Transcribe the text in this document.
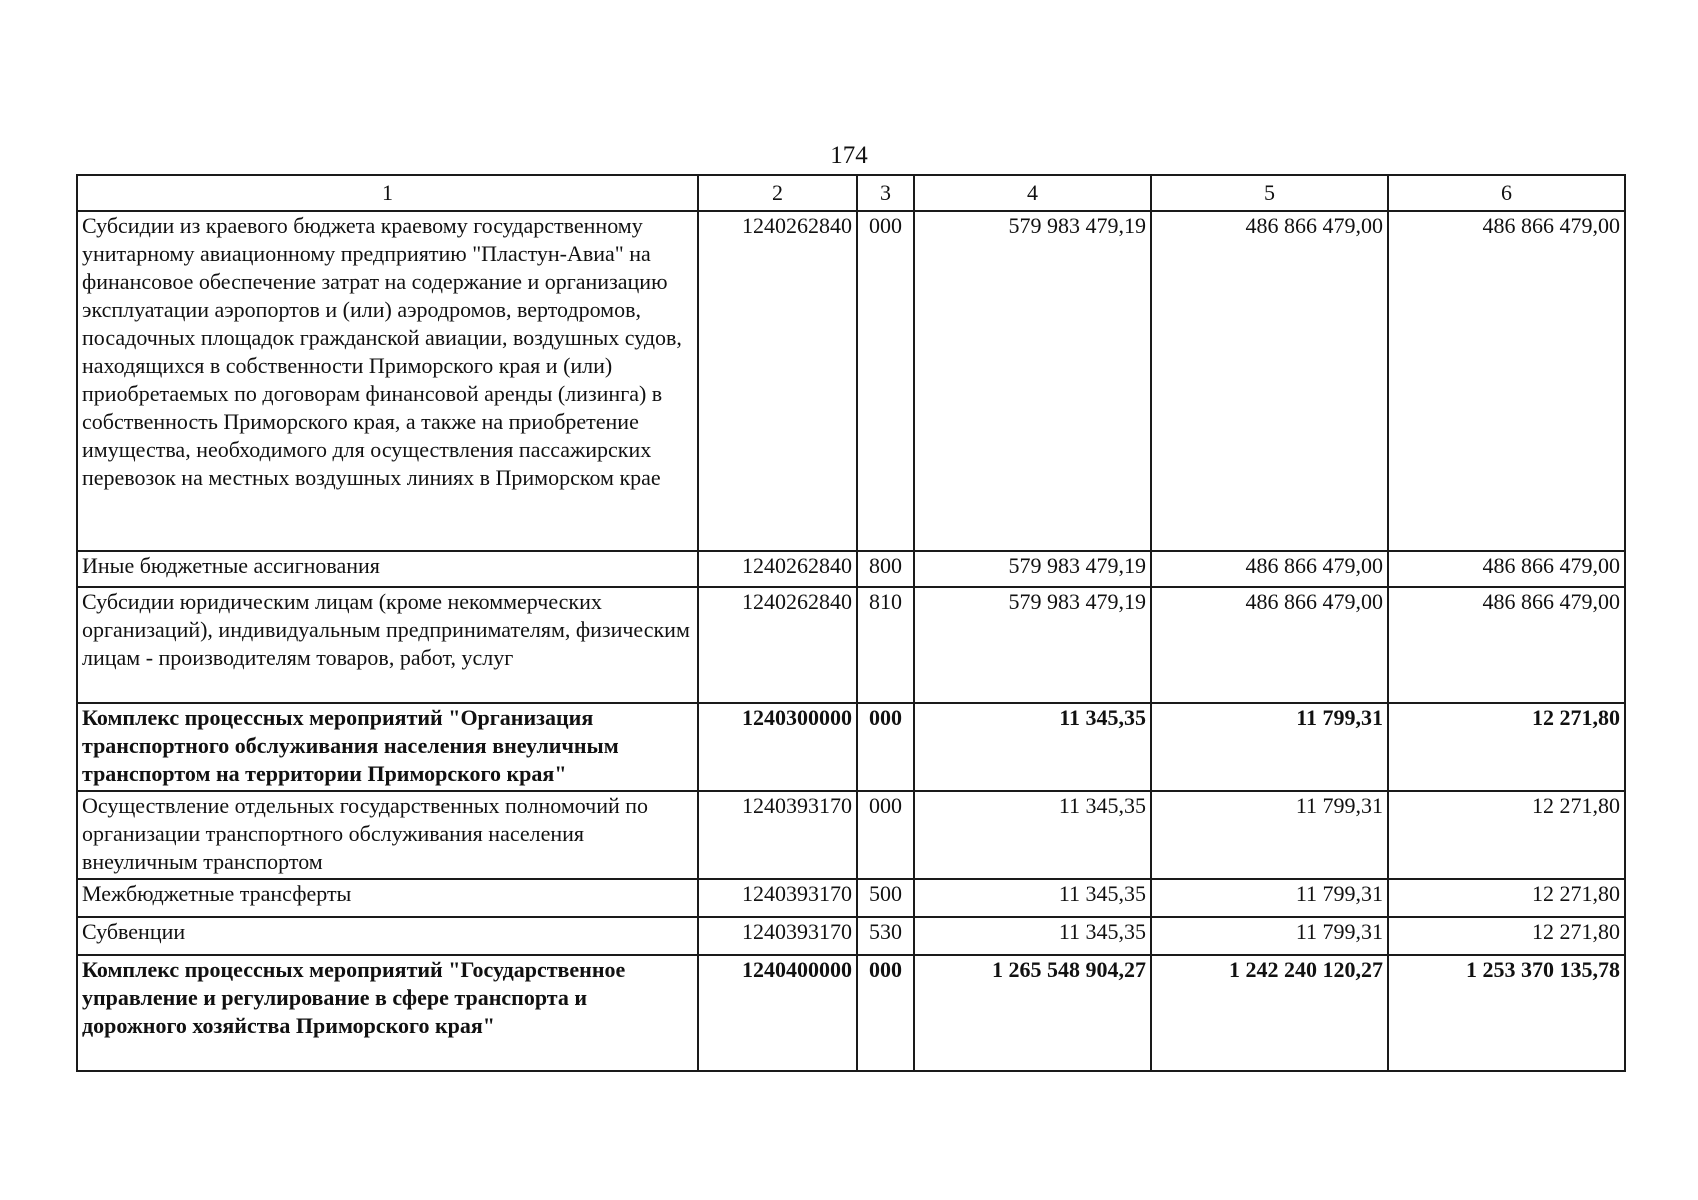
174
1	2	3	4	5	6
Субсидии из краевого бюджета краевому государственному унитарному авиационному предприятию "Пластун-Авиа" на финансовое обеспечение затрат на содержание и организацию эксплуатации аэропортов и (или) аэродромов, вертодромов, посадочных площадок гражданской авиации, воздушных судов, находящихся в собственности Приморского края и (или) приобретаемых по договорам финансовой аренды (лизинга) в собственность Приморского края, а также на приобретение имущества, необходимого для осуществления пассажирских перевозок на местных воздушных линиях в Приморском крае	1240262840	000	579 983 479,19	486 866 479,00	486 866 479,00
Иные бюджетные ассигнования	1240262840	800	579 983 479,19	486 866 479,00	486 866 479,00
Субсидии юридическим лицам (кроме некоммерческих организаций), индивидуальным предпринимателям, физическим лицам - производителям товаров, работ, услуг	1240262840	810	579 983 479,19	486 866 479,00	486 866 479,00
Комплекс процессных мероприятий "Организация транспортного обслуживания населения внеуличным транспортом на территории Приморского края"	1240300000	000	11 345,35	11 799,31	12 271,80
Осуществление отдельных государственных полномочий по организации транспортного обслуживания населения внеуличным транспортом	1240393170	000	11 345,35	11 799,31	12 271,80
Межбюджетные трансферты	1240393170	500	11 345,35	11 799,31	12 271,80
Субвенции	1240393170	530	11 345,35	11 799,31	12 271,80
Комплекс процессных мероприятий "Государственное управление и регулирование в сфере транспорта и дорожного хозяйства Приморского края"	1240400000	000	1 265 548 904,27	1 242 240 120,27	1 253 370 135,78
